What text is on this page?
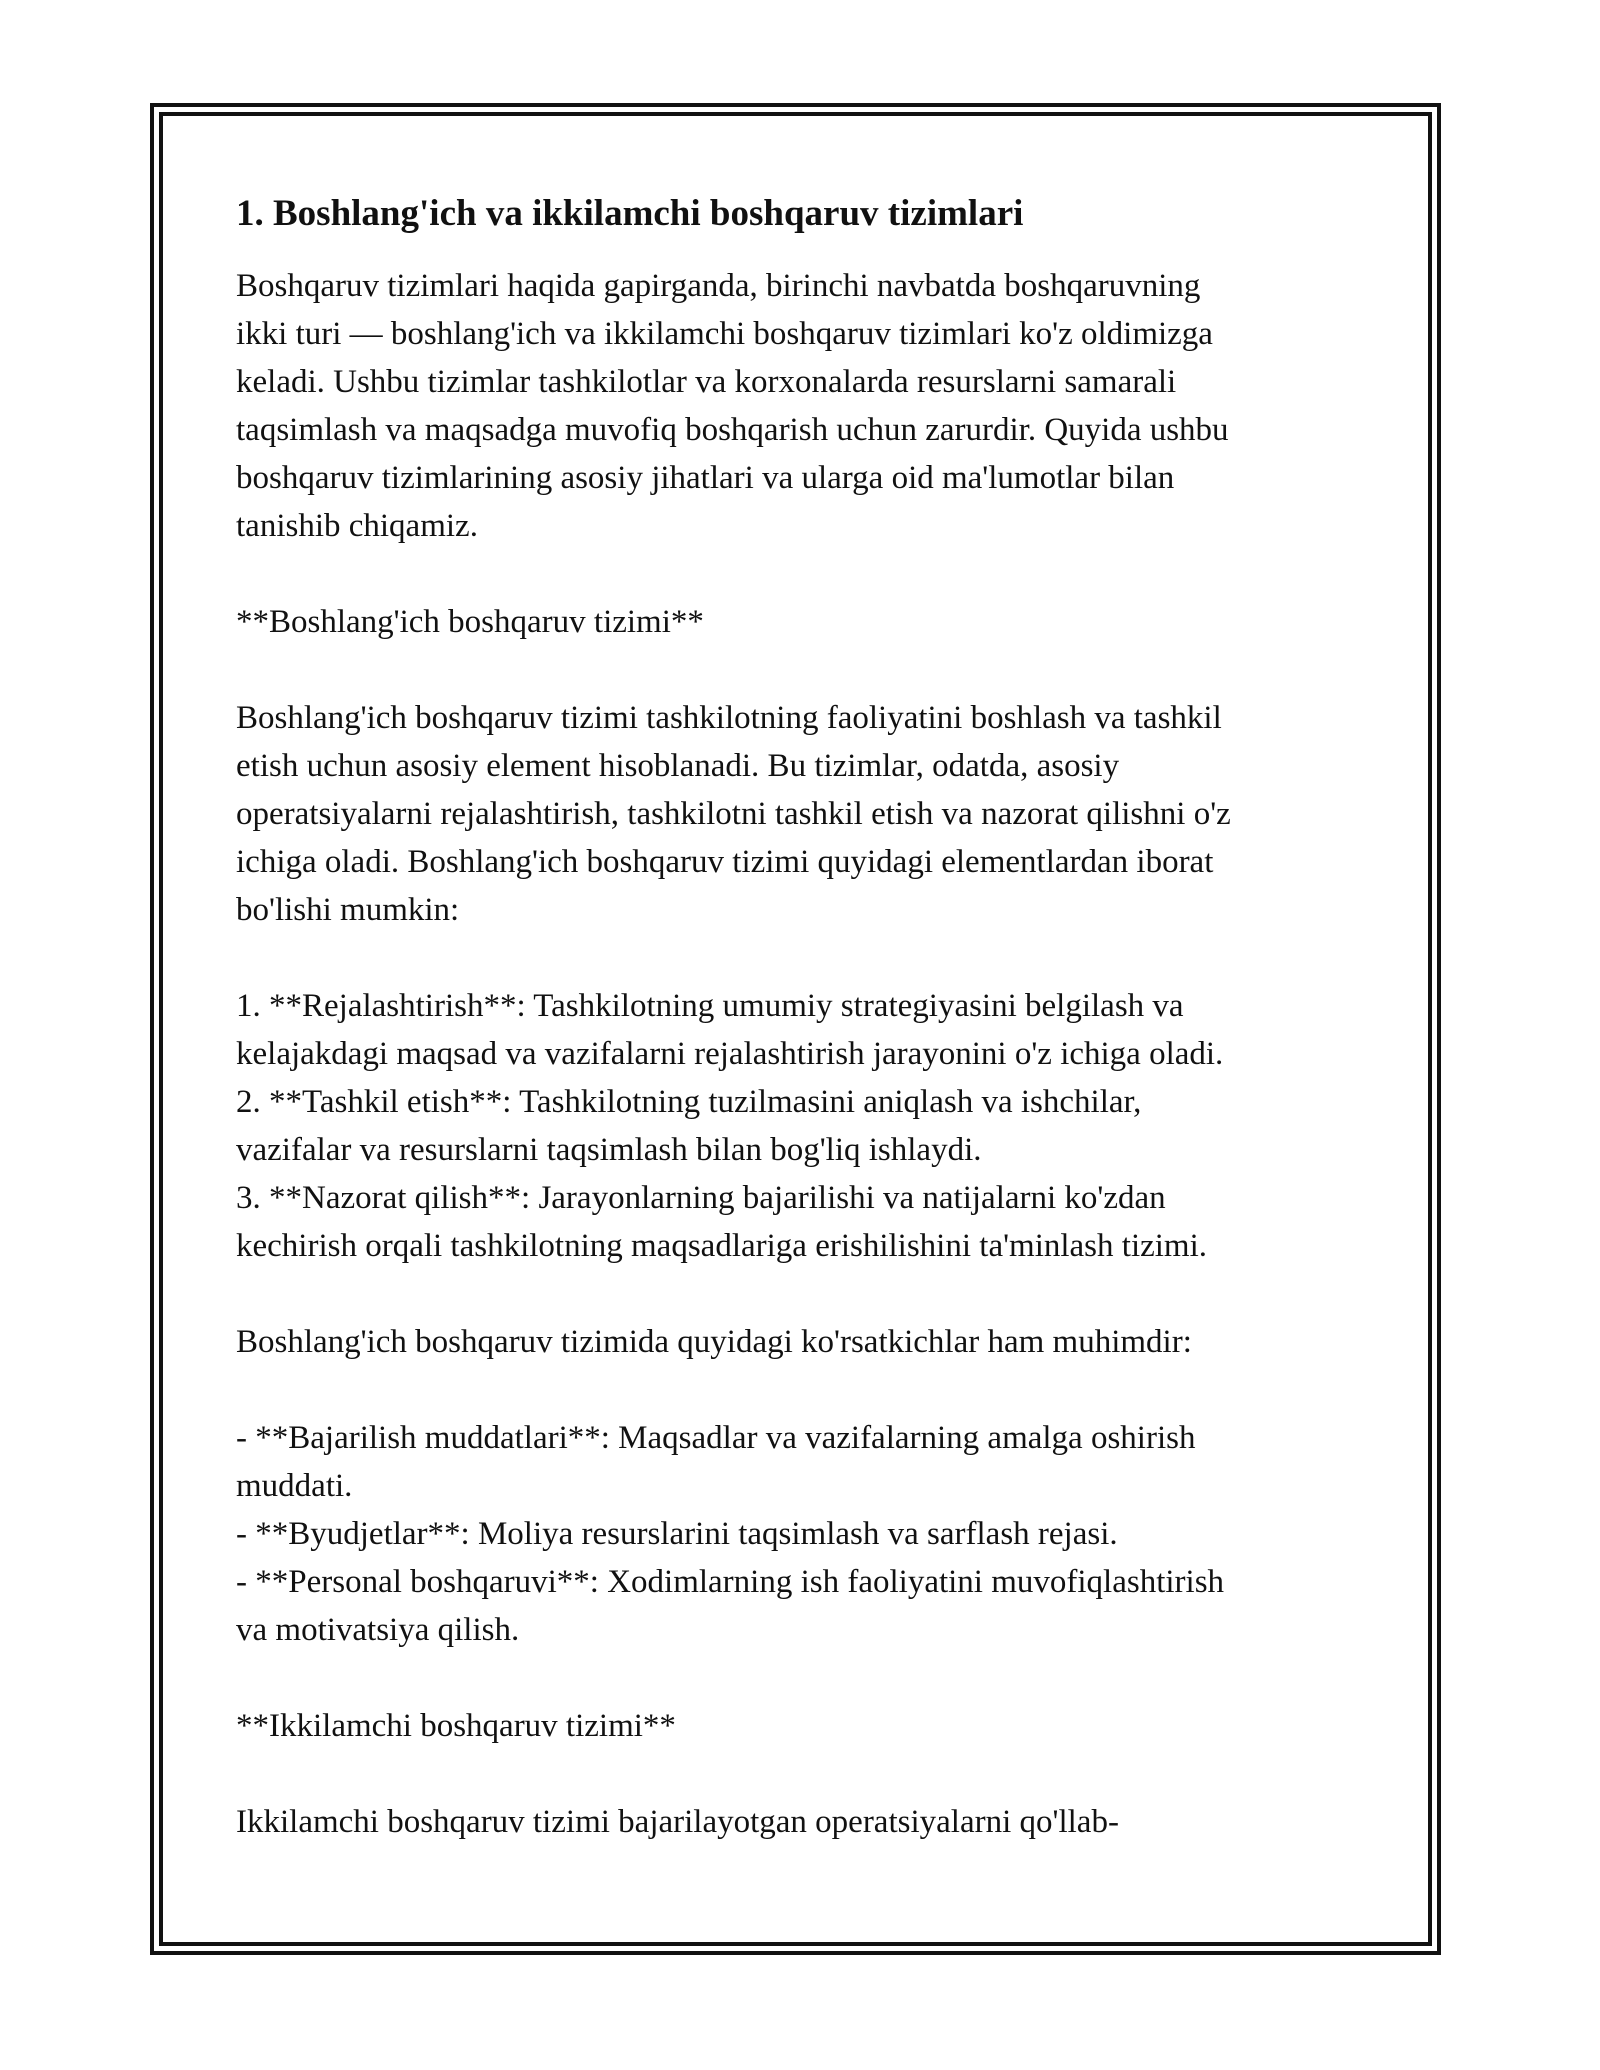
1. Boshlang'ich va ikkilamchi boshqaruv tizimlari

Boshqaruv tizimlari haqida gapirganda, birinchi navbatda boshqaruvning
ikki turi — boshlang'ich va ikkilamchi boshqaruv tizimlari ko'z oldimizga
keladi. Ushbu tizimlar tashkilotlar va korxonalarda resurslarni samarali
taqsimlash va maqsadga muvofiq boshqarish uchun zarurdir. Quyida ushbu
boshqaruv tizimlarining asosiy jihatlari va ularga oid ma'lumotlar bilan
tanishib chiqamiz.

**Boshlang'ich boshqaruv tizimi**

Boshlang'ich boshqaruv tizimi tashkilotning faoliyatini boshlash va tashkil
etish uchun asosiy element hisoblanadi. Bu tizimlar, odatda, asosiy
operatsiyalarni rejalashtirish, tashkilotni tashkil etish va nazorat qilishni o'z
ichiga oladi. Boshlang'ich boshqaruv tizimi quyidagi elementlardan iborat
bo'lishi mumkin:

1. **Rejalashtirish**: Tashkilotning umumiy strategiyasini belgilash va
kelajakdagi maqsad va vazifalarni rejalashtirish jarayonini o'z ichiga oladi.
2. **Tashkil etish**: Tashkilotning tuzilmasini aniqlash va ishchilar,
vazifalar va resurslarni taqsimlash bilan bog'liq ishlaydi.
3. **Nazorat qilish**: Jarayonlarning bajarilishi va natijalarni ko'zdan
kechirish orqali tashkilotning maqsadlariga erishilishini ta'minlash tizimi.

Boshlang'ich boshqaruv tizimida quyidagi ko'rsatkichlar ham muhimdir:

- **Bajarilish muddatlari**: Maqsadlar va vazifalarning amalga oshirish
muddati.
- **Byudjetlar**: Moliya resurslarini taqsimlash va sarflash rejasi.
- **Personal boshqaruvi**: Xodimlarning ish faoliyatini muvofiqlashtirish
va motivatsiya qilish.

**Ikkilamchi boshqaruv tizimi**

Ikkilamchi boshqaruv tizimi bajarilayotgan operatsiyalarni qo'llab-
